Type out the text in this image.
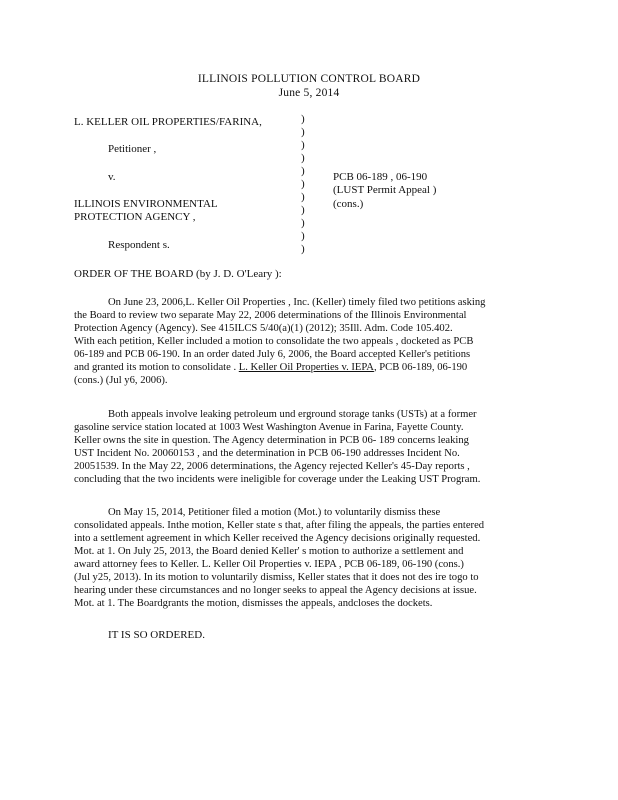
ILLINOIS POLLUTION CONTROL BOARD
June 5, 2014
L. KELLER OIL PROPERTIES/FARINA,
Petitioner ,
v.
ILLINOIS ENVIRONMENTAL
PROTECTION AGENCY ,
Respondent s.
)
)
)
)
)
)
)
)
)
)
)
PCB 06-189 , 06-190
(LUST Permit Appeal )
(cons.)
ORDER OF THE BOARD (by J. D. O'Leary ):
On June 23, 2006,L. Keller Oil Properties , Inc. (Keller) timely filed two petitions asking
the Board to review two separate May 22, 2006 determinations of the Illinois Environmental
Protection Agency (Agency). See 415ILCS 5/40(a)(1) (2012); 35Ill. Adm. Code 105.402.
With each petition, Keller included a motion to consolidate the two appeals , docketed as PCB
06-189 and PCB 06-190. In an order dated July 6, 2006, the Board accepted Keller's petitions
and granted its motion to consolidate . L. Keller Oil Properties v. IEPA, PCB 06-189, 06-190
(cons.) (Jul y6, 2006).
Both appeals involve leaking petroleum und erground storage tanks (USTs) at a former
gasoline service station located at 1003 West Washington Avenue in Farina, Fayette County.
Keller owns the site in question. The Agency determination in PCB 06- 189 concerns leaking
UST Incident No. 20060153 , and the determination in PCB 06-190 addresses Incident No.
20051539. In the May 22, 2006 determinations, the Agency rejected Keller's 45-Day reports ,
concluding that the two incidents were ineligible for coverage under the Leaking UST Program.
On May 15, 2014, Petitioner filed a motion (Mot.) to voluntarily dismiss these
consolidated appeals. Inthe motion, Keller state s that, after filing the appeals, the parties entered
into a settlement agreement in which Keller received the Agency decisions originally requested.
Mot. at 1. On July 25, 2013, the Board denied Keller' s motion to authorize a settlement and
award attorney fees to Keller. L. Keller Oil Properties v. IEPA , PCB 06-189, 06-190 (cons.)
(Jul y25, 2013). In its motion to voluntarily dismiss, Keller states that it does not des ire togo to
hearing under these circumstances and no longer seeks to appeal the Agency decisions at issue.
Mot. at 1. The Boardgrants the motion, dismisses the appeals, andcloses the dockets.
IT IS SO ORDERED.
